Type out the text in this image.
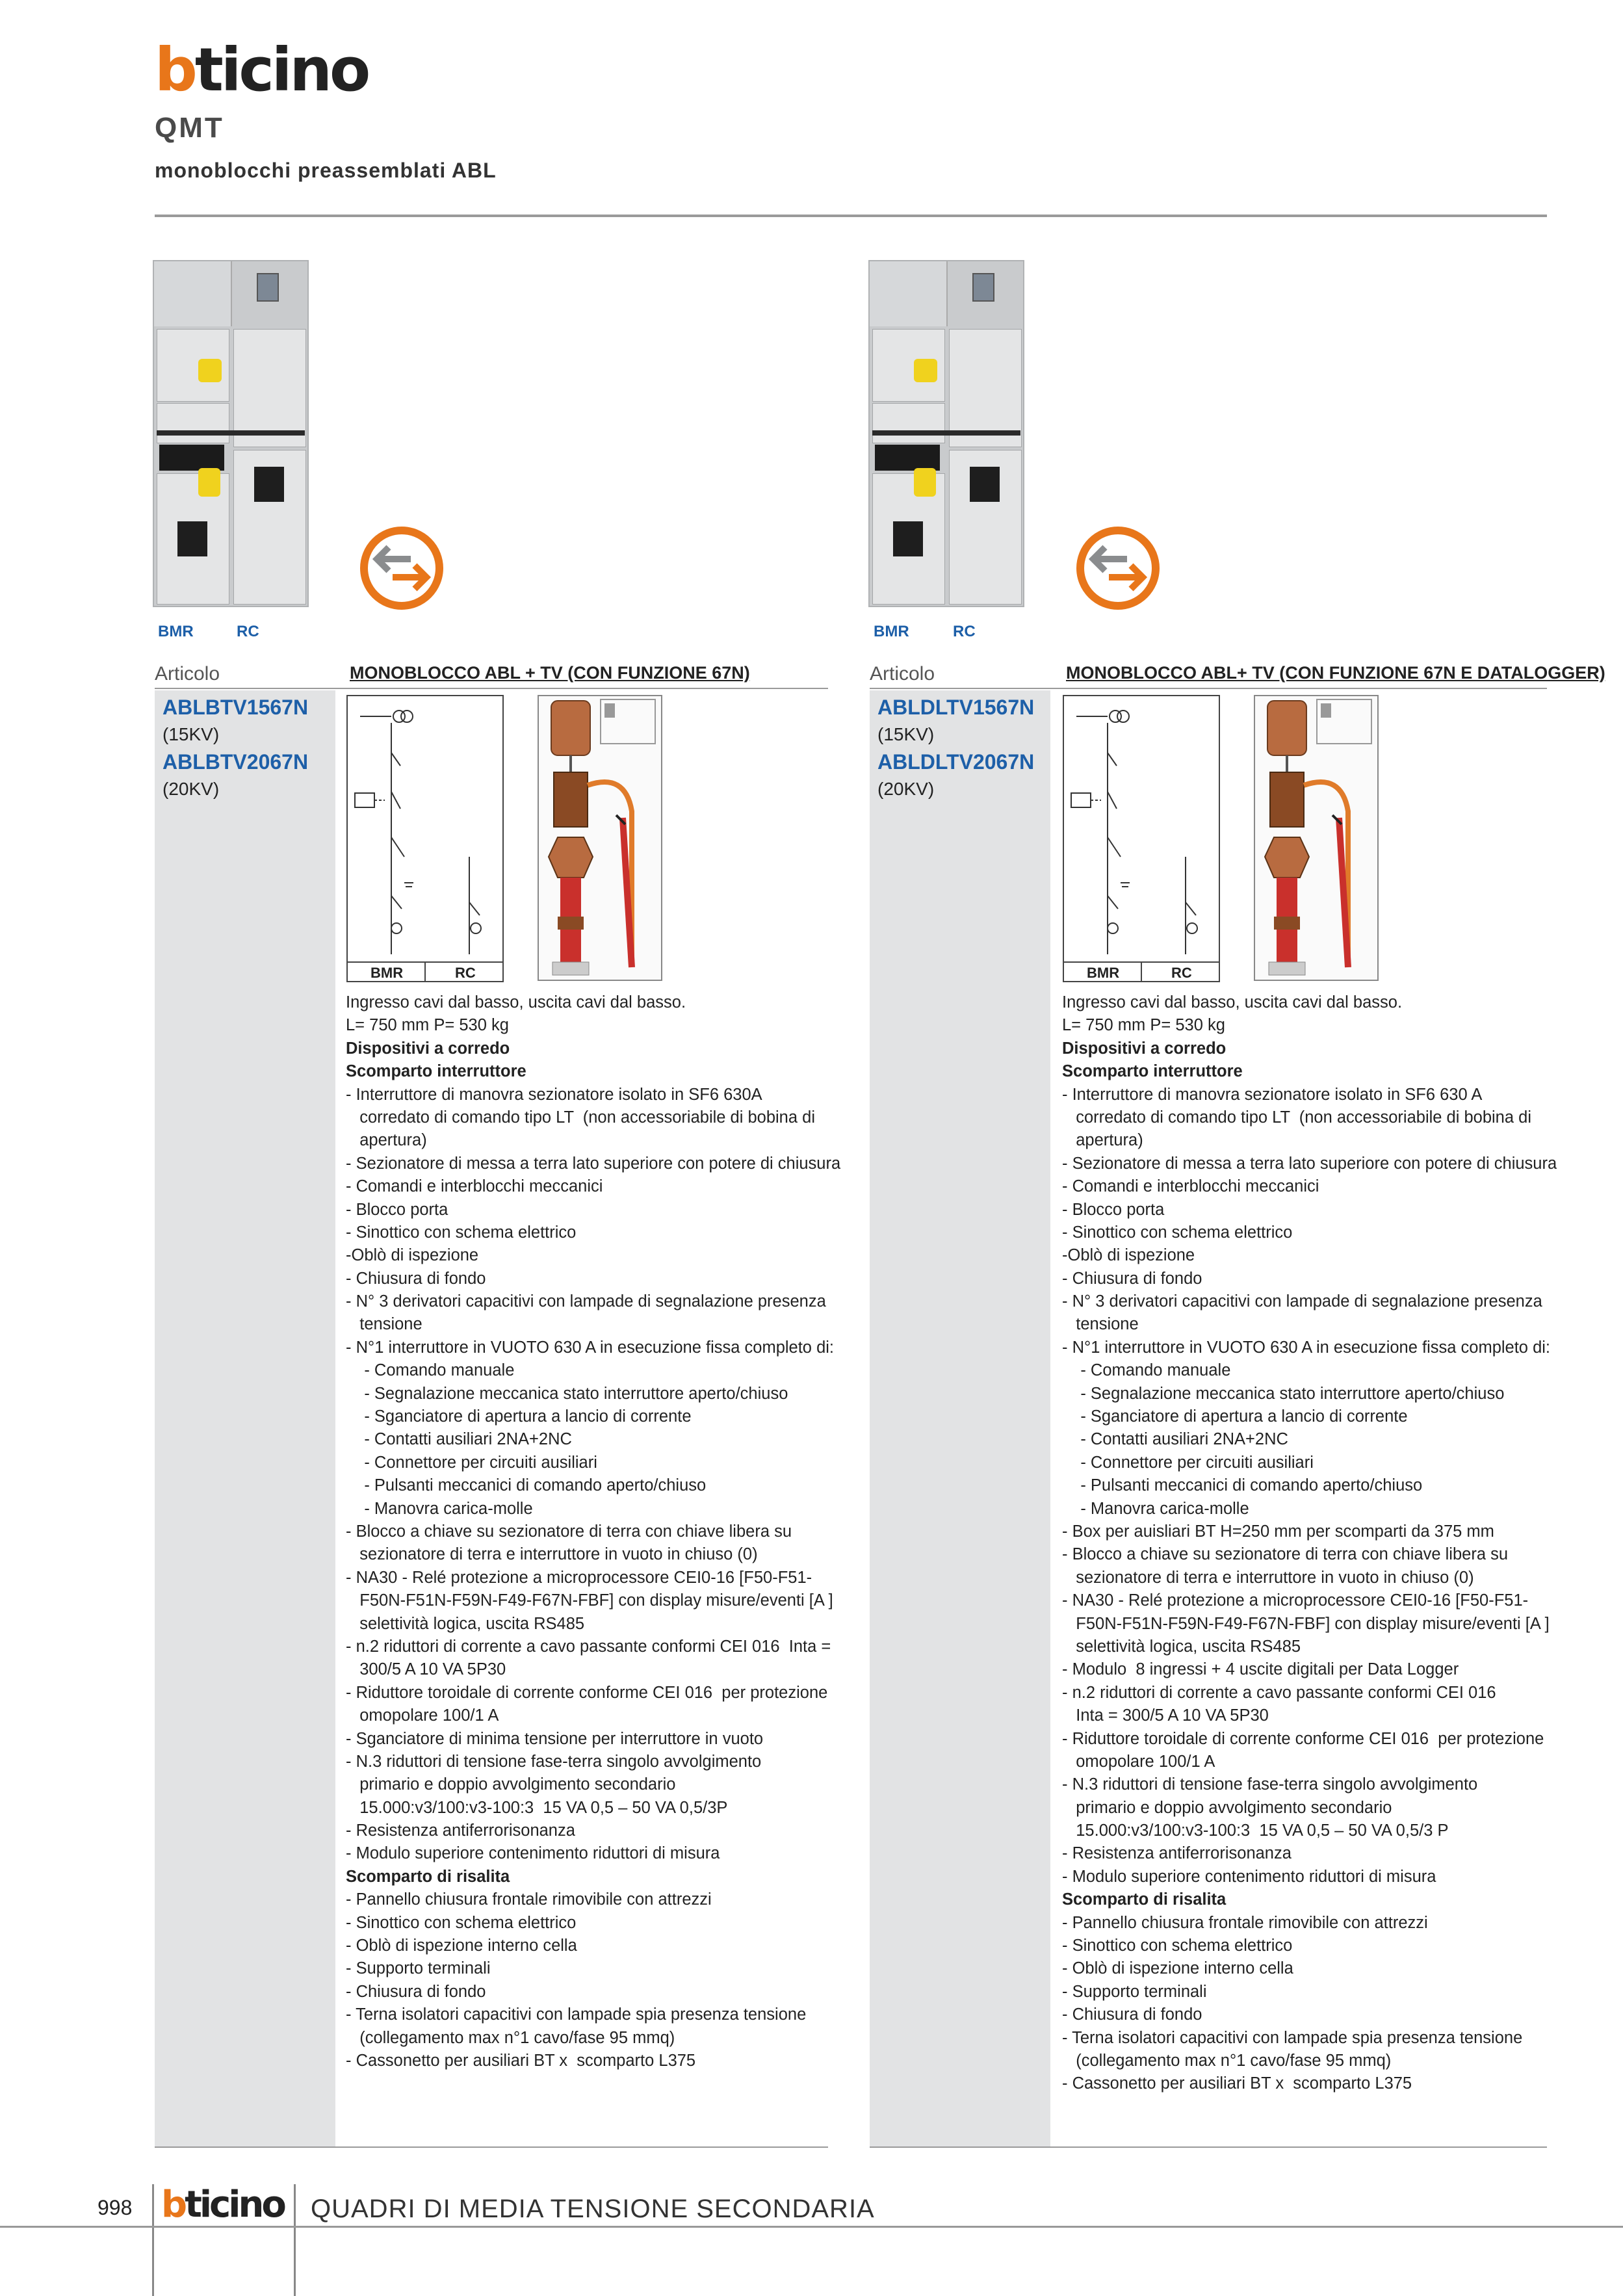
bticino
QMT
monoblocchi preassemblati ABL
BMR	RC
Articolo	MONOBLOCCO ABL + TV (CON FUNZIONE 67N)
ABLBTV1567N
(15KV)
ABLBTV2067N
(20KV)
BMR	RC
Ingresso cavi dal basso, uscita cavi dal basso.
L= 750 mm P= 530 kg
Dispositivi a corredo
Scomparto interruttore
- Interruttore di manovra sezionatore isolato in SF6 630A
corredato di comando tipo LT  (non accessoriabile di bobina di
apertura)
- Sezionatore di messa a terra lato superiore con potere di chiusura
- Comandi e interblocchi meccanici
- Blocco porta
- Sinottico con schema elettrico
-Oblò di ispezione
- Chiusura di fondo
- N° 3 derivatori capacitivi con lampade di segnalazione presenza
tensione
- N°1 interruttore in VUOTO 630 A in esecuzione fissa completo di:
- Comando manuale
- Segnalazione meccanica stato interruttore aperto/chiuso
- Sganciatore di apertura a lancio di corrente
- Contatti ausiliari 2NA+2NC
- Connettore per circuiti ausiliari
- Pulsanti meccanici di comando aperto/chiuso
- Manovra carica-molle
- Blocco a chiave su sezionatore di terra con chiave libera su
sezionatore di terra e interruttore in vuoto in chiuso (0)
- NA30 - Relé protezione a microprocessore CEI0-16 [F50-F51-
F50N-F51N-F59N-F49-F67N-FBF] con display misure/eventi [A ]
selettività logica, uscita RS485
- n.2 riduttori di corrente a cavo passante conformi CEI 016  Inta =
300/5 A 10 VA 5P30
- Riduttore toroidale di corrente conforme CEI 016  per protezione
omopolare 100/1 A
- Sganciatore di minima tensione per interruttore in vuoto
- N.3 riduttori di tensione fase-terra singolo avvolgimento
primario e doppio avvolgimento secondario
15.000:v3/100:v3-100:3  15 VA 0,5 – 50 VA 0,5/3P
- Resistenza antiferrorisonanza
- Modulo superiore contenimento riduttori di misura
Scomparto di risalita
- Pannello chiusura frontale rimovibile con attrezzi
- Sinottico con schema elettrico
- Oblò di ispezione interno cella
- Supporto terminali
- Chiusura di fondo
- Terna isolatori capacitivi con lampade spia presenza tensione
(collegamento max n°1 cavo/fase 95 mmq)
- Cassonetto per ausiliari BT x  scomparto L375
BMR	RC
Articolo	MONOBLOCCO ABL+ TV (CON FUNZIONE 67N E DATALOGGER)
ABLDLTV1567N
(15KV)
ABLDLTV2067N
(20KV)
BMR	RC
Ingresso cavi dal basso, uscita cavi dal basso.
L= 750 mm P= 530 kg
Dispositivi a corredo
Scomparto interruttore
- Interruttore di manovra sezionatore isolato in SF6 630 A
corredato di comando tipo LT  (non accessoriabile di bobina di
apertura)
- Sezionatore di messa a terra lato superiore con potere di chiusura
- Comandi e interblocchi meccanici
- Blocco porta
- Sinottico con schema elettrico
-Oblò di ispezione
- Chiusura di fondo
- N° 3 derivatori capacitivi con lampade di segnalazione presenza
tensione
- N°1 interruttore in VUOTO 630 A in esecuzione fissa completo di:
- Comando manuale
- Segnalazione meccanica stato interruttore aperto/chiuso
- Sganciatore di apertura a lancio di corrente
- Contatti ausiliari 2NA+2NC
- Connettore per circuiti ausiliari
- Pulsanti meccanici di comando aperto/chiuso
- Manovra carica-molle
- Box per auisliari BT H=250 mm per scomparti da 375 mm
- Blocco a chiave su sezionatore di terra con chiave libera su
sezionatore di terra e interruttore in vuoto in chiuso (0)
- NA30 - Relé protezione a microprocessore CEI0-16 [F50-F51-
F50N-F51N-F59N-F49-F67N-FBF] con display misure/eventi [A ]
selettività logica, uscita RS485
- Modulo  8 ingressi + 4 uscite digitali per Data Logger
- n.2 riduttori di corrente a cavo passante conformi CEI 016
Inta = 300/5 A 10 VA 5P30
- Riduttore toroidale di corrente conforme CEI 016  per protezione
omopolare 100/1 A
- N.3 riduttori di tensione fase-terra singolo avvolgimento
primario e doppio avvolgimento secondario
15.000:v3/100:v3-100:3  15 VA 0,5 – 50 VA 0,5/3 P
- Resistenza antiferrorisonanza
- Modulo superiore contenimento riduttori di misura
Scomparto di risalita
- Pannello chiusura frontale rimovibile con attrezzi
- Sinottico con schema elettrico
- Oblò di ispezione interno cella
- Supporto terminali
- Chiusura di fondo
- Terna isolatori capacitivi con lampade spia presenza tensione
(collegamento max n°1 cavo/fase 95 mmq)
- Cassonetto per ausiliari BT x  scomparto L375
998 bticino QUADRI DI MEDIA TENSIONE SECONDARIA
